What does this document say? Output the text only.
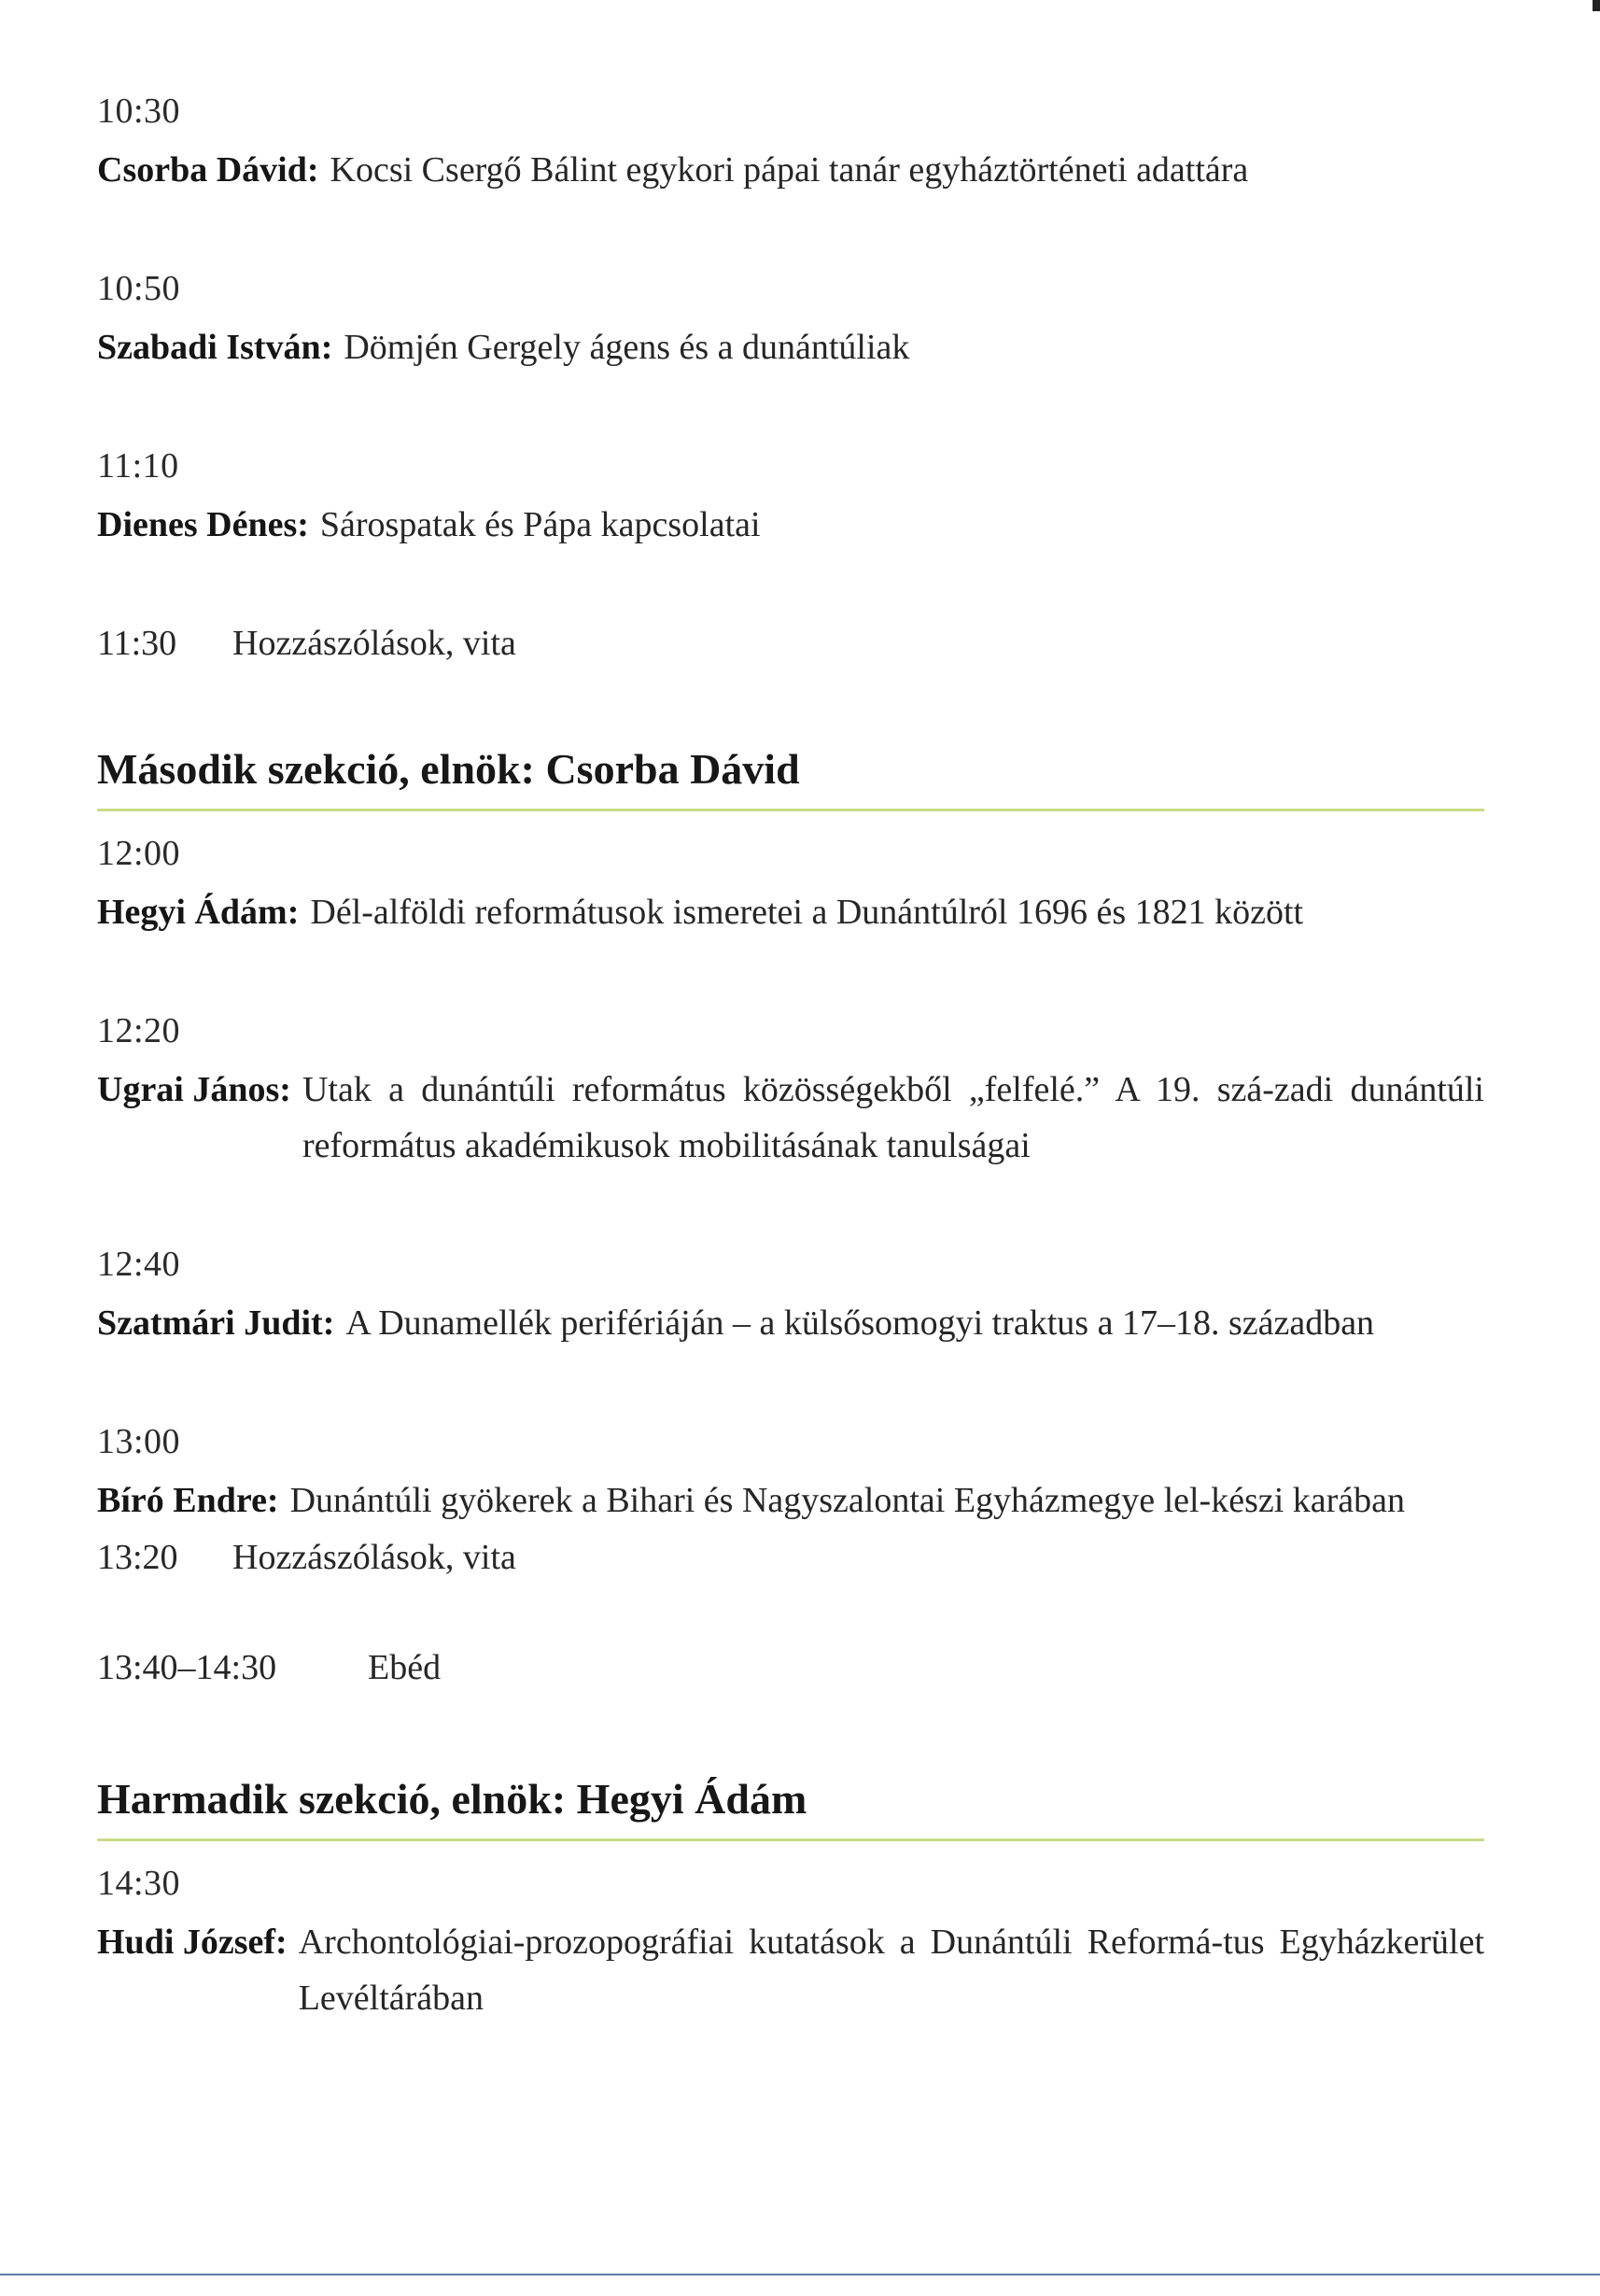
10:30
Csorba Dávid: Kocsi Csergő Bálint egykori pápai tanár egyháztörténeti adattára
10:50
Szabadi István: Dömjén Gergely ágens és a dunántúliak
11:10
Dienes Dénes: Sárospatak és Pápa kapcsolatai
11:30	Hozzászólások, vita
Második szekció, elnök: Csorba Dávid
12:00
Hegyi Ádám: Dél-alföldi reformátusok ismeretei a Dunántúlról 1696 és 1821 között
12:20
Ugrai János: Utak a dunántúli református közösségekből „felfelé.” A 19. szá-zadi dunántúli református akadémikusok mobilitásának tanulságai
12:40
Szatmári Judit: A Dunamellék perifériáján – a külsősomogyi traktus a 17–18. században
13:00
Bíró Endre: Dunántúli gyökerek a Bihari és Nagyszalontai Egyházmegye lel-készi karában
13:20	Hozzászólások, vita
13:40–14:30	Ebéd
Harmadik szekció, elnök: Hegyi Ádám
14:30
Hudi József: Archontológiai-prozopográfiai kutatások a Dunántúli Reformá-tus Egyházkerület Levéltárában
